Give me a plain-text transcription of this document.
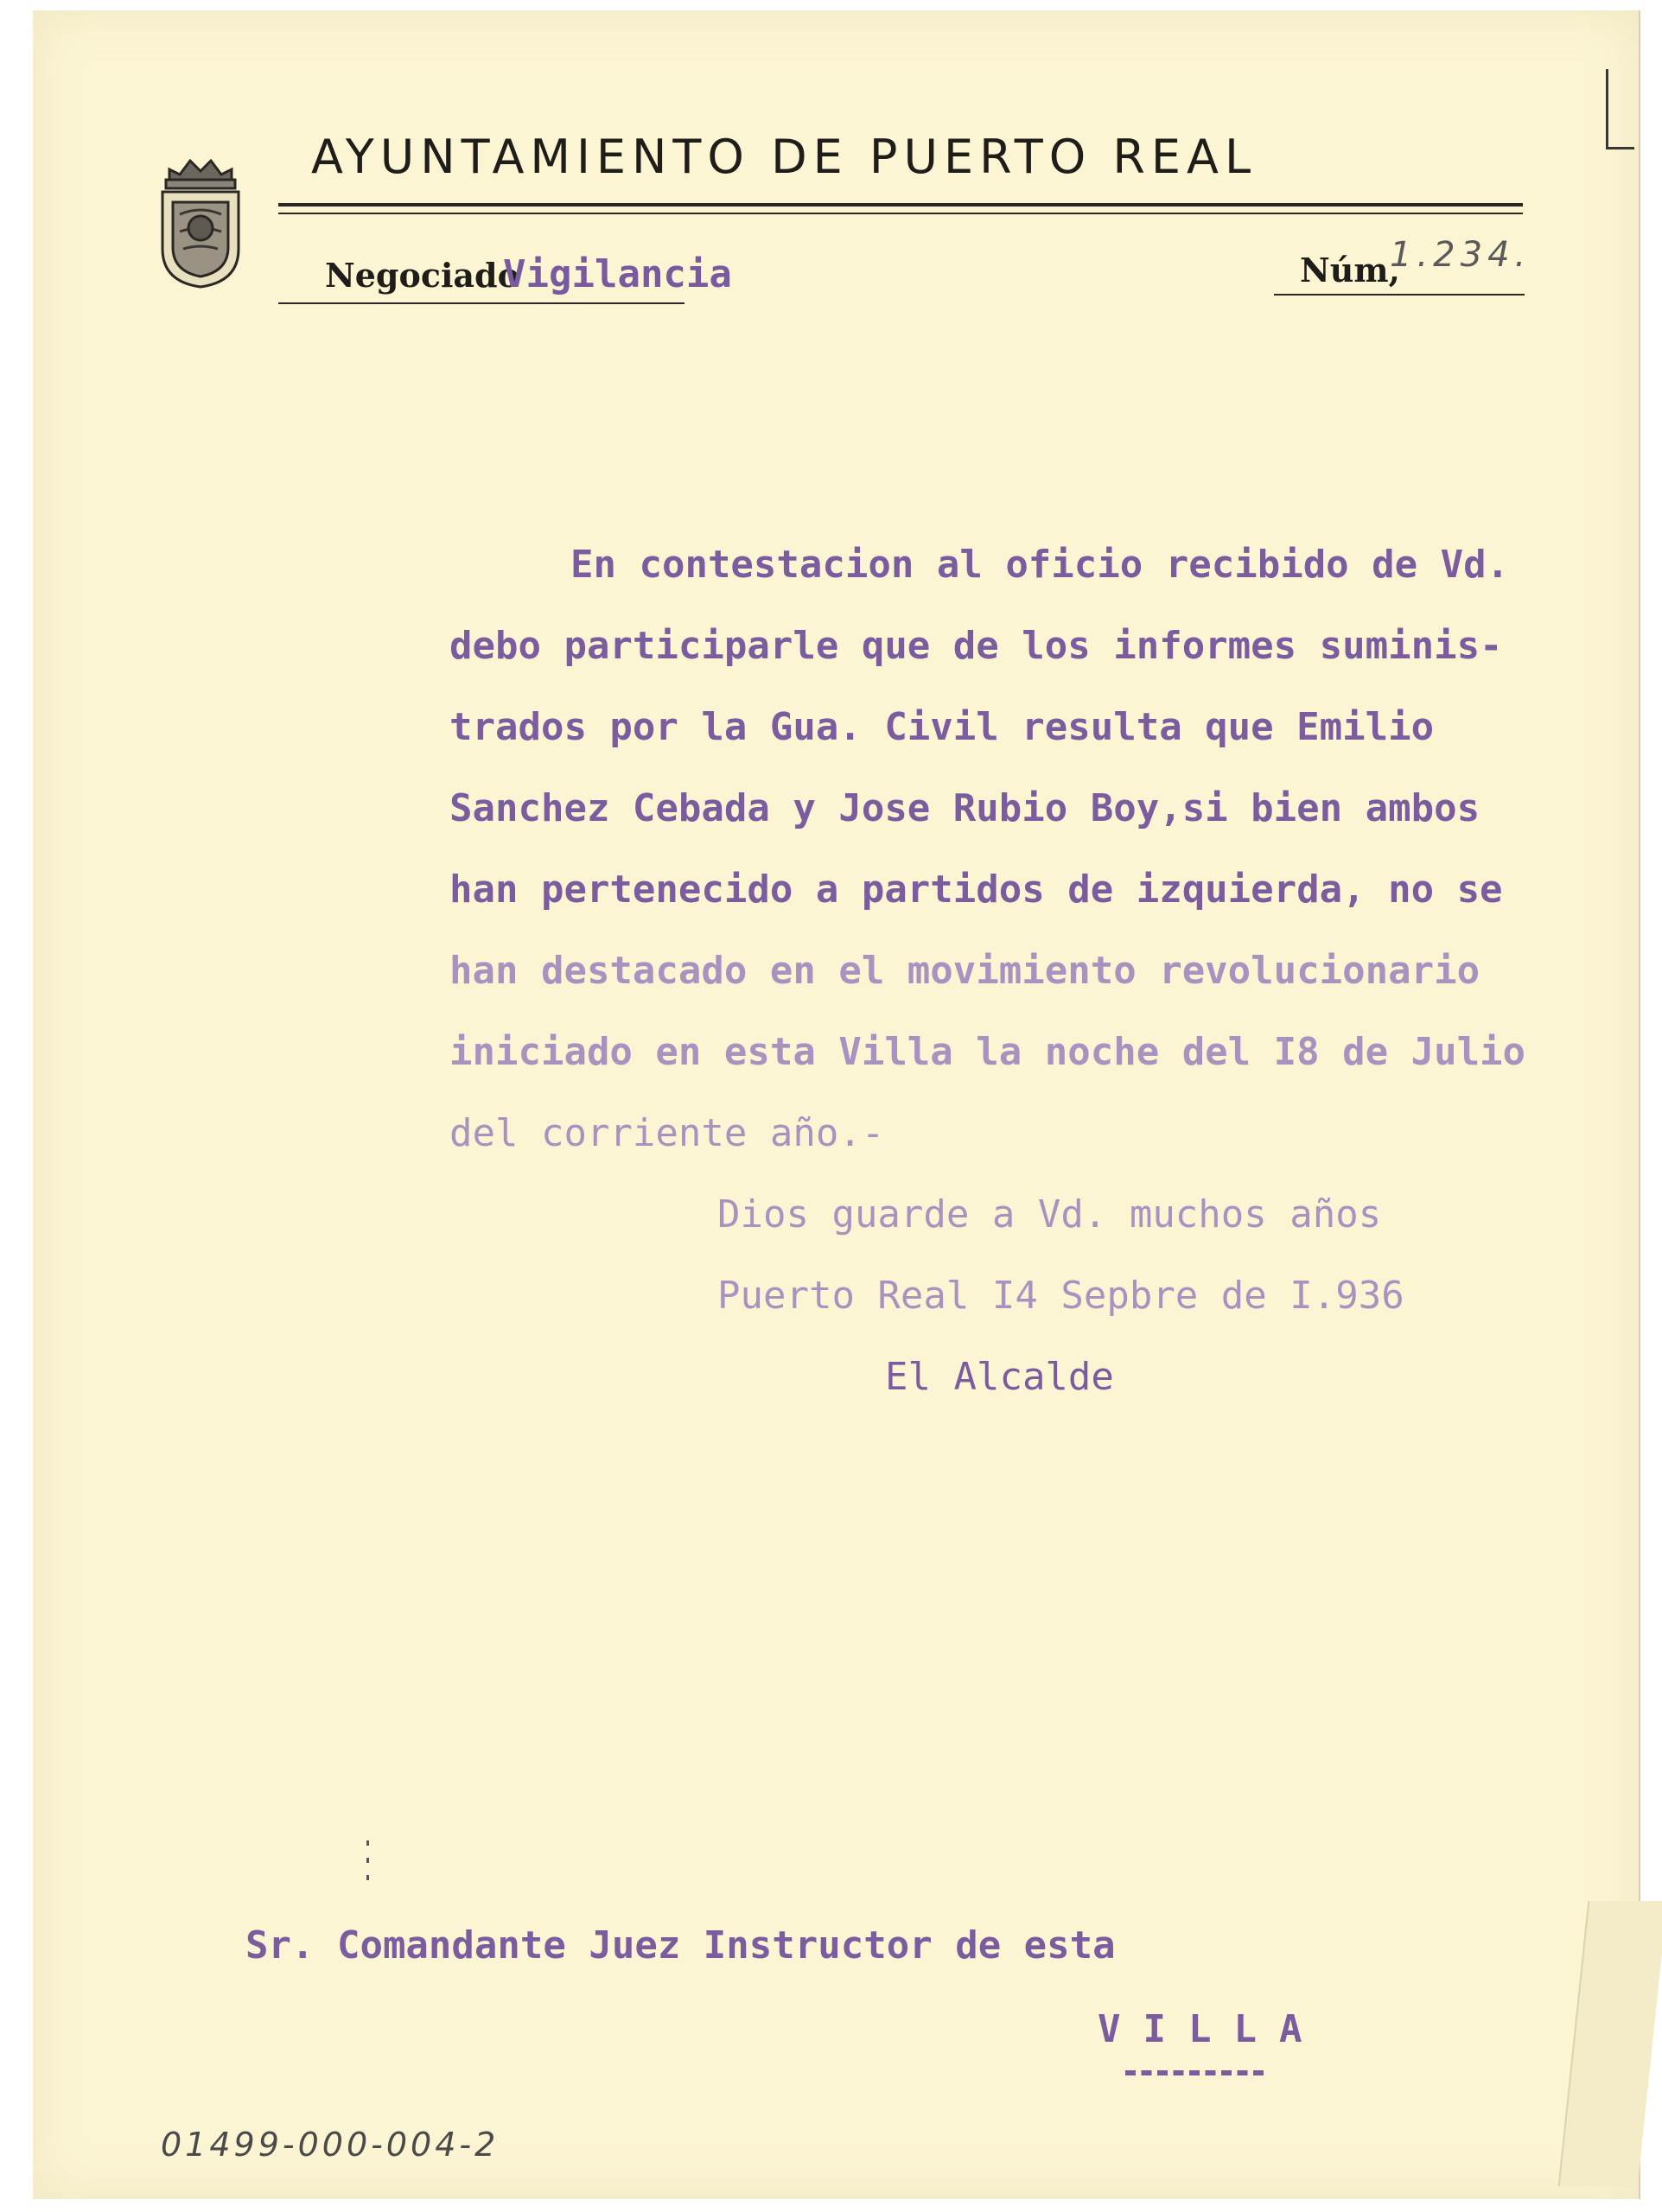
AYUNTAMIENTO DE PUERTO REAL
Negociado
Vigilancia	Núm,
1.234.
En contestacion al oficio recibido de Vd.
debo participarle que de los informes suminis-
trados por la Gua. Civil resulta que Emilio
Sanchez Cebada y Jose Rubio Boy,si bien ambos
han pertenecido a partidos de izquierda, no se
han destacado en el movimiento revolucionario
iniciado en esta Villa la noche del I8 de Julio
del corriente año.-
Dios guarde a Vd. muchos años
Puerto Real I4 Sepbre de I.936
El Alcalde
Sr. Comandante Juez Instructor de esta
VILLA
01499-000-004-2
